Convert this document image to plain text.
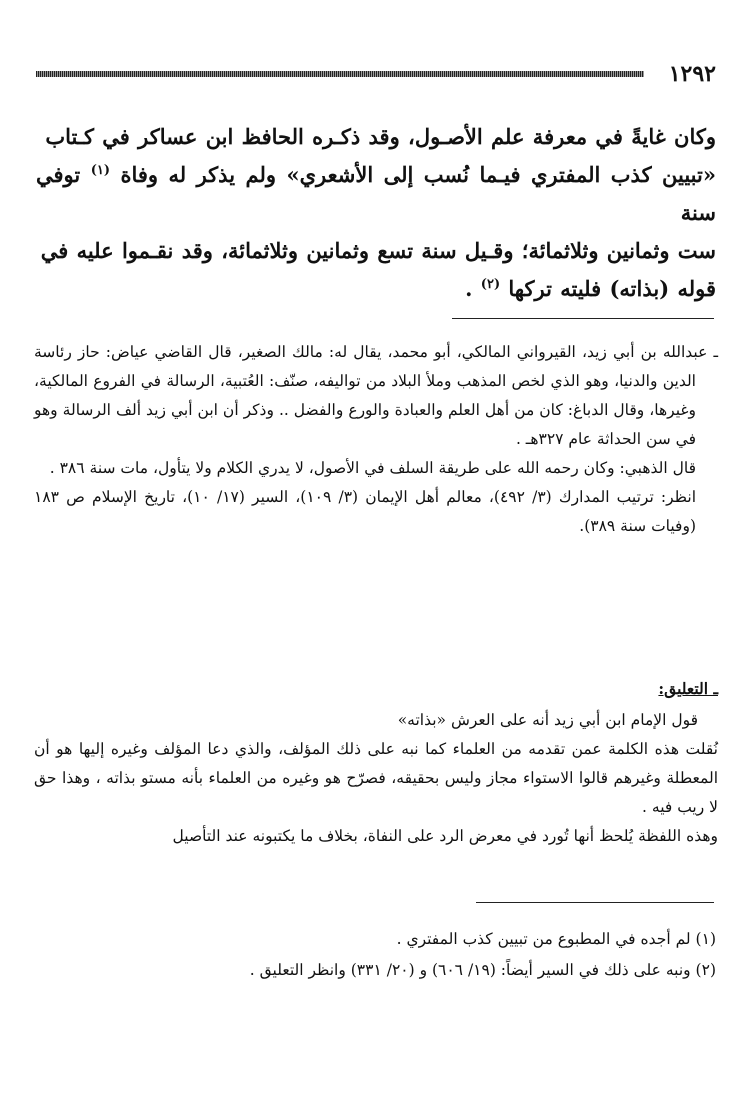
١٢٩٢

وكان غايةً في معرفة علم الأصـول، وقد ذكـره الحافظ ابن عساكر في كـتاب

«تبيين كذب المفتري فيـما نُسب إلى الأشعري» ولم يذكر له وفاة $^{(١)}$ توفي سنة

ست وثمانين وثلاثمائة؛ وقـيل سنة تسع وثمانين وثلاثمائة، وقد نقـموا عليه في

قوله (بذاته) فليته تركها $^{(٢)}$ .

ـ عبدالله بن أبي زيد، القيرواني المالكي، أبو محمد، يقال له: مالك الصغير، قال القاضي عياض: حاز رئاسة الدين والدنيا، وهو الذي لخص المذهب وملأ البلاد من تواليفه، صنّف: العُتبية، الرسالة في الفروع المالكية، وغيرها، وقال الدباغ: كان من أهل العلم والعبادة والورع والفضل .. وذكر أن ابن أبي زيد ألف الرسالة وهو في سن الحداثة عام ٣٢٧هـ .

قال الذهبي: وكان رحمه الله على طريقة السلف في الأصول، لا يدري الكلام ولا يتأول، مات سنة ٣٨٦ .

انظر: ترتيب المدارك (٣/ ٤٩٢)، معالم أهل الإيمان (٣/ ١٠٩)، السير (١٧/ ١٠)، تاريخ الإسلام ص ١٨٣ (وفيات سنة ٣٨٩).

ـ التعليق:

قول الإمام ابن أبي زيد أنه على العرش «بذاته»

نُقلت هذه الكلمة عمن تقدمه من العلماء كما نبه على ذلك المؤلف، والذي دعا المؤلف وغيره إليها هو أن المعطلة وغيرهم قالوا الاستواء مجاز وليس بحقيقه، فصرّح هو وغيره من العلماء بأنه مستو بذاته ، وهذا حق لا ريب فيه .

وهذه اللفظة يُلحظ أنها تُورد في معرض الرد على النفاة، بخلاف ما يكتبونه عند التأصيل

(١) لم أجده في المطبوع من تبيين كذب المفتري .

(٢) ونبه على ذلك في السير أيضاً: (١٩/ ٦٠٦) و (٢٠/ ٣٣١) وانظر التعليق .
